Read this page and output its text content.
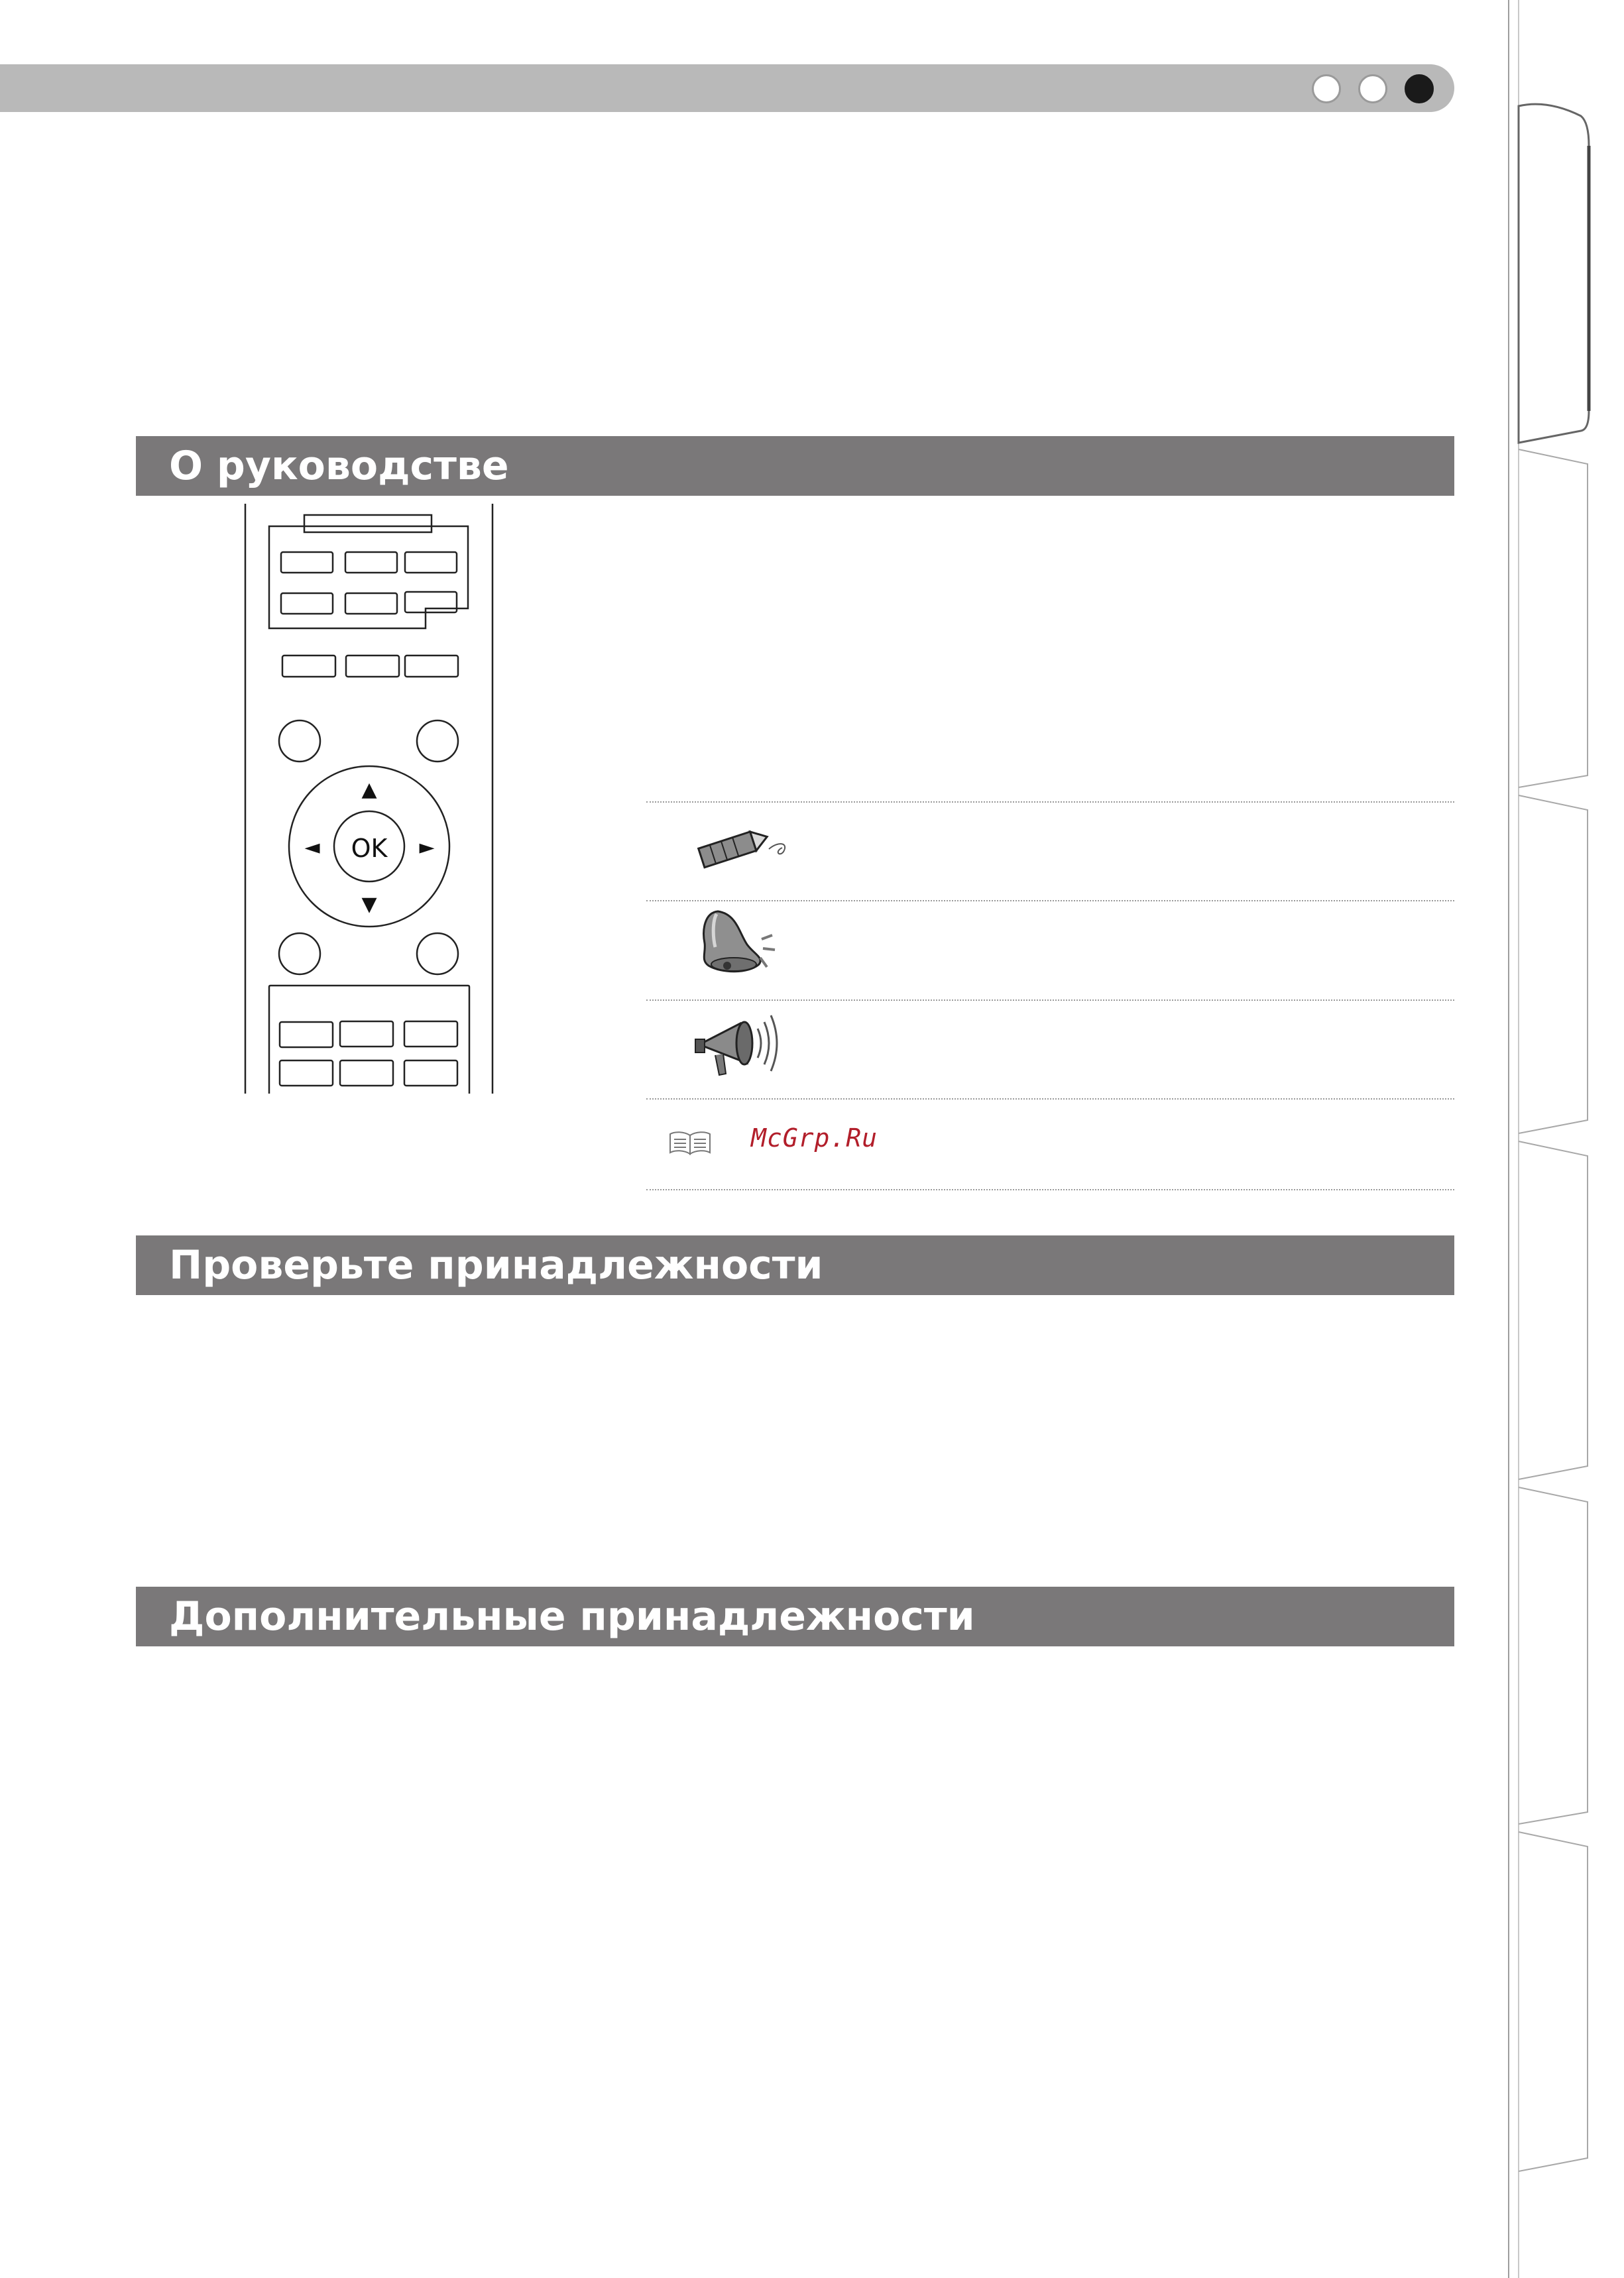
О руководстве
Проверьте принадлежности
Дополнительные принадлежности
OK
▲
▼
◄	►
McGrp.Ru
